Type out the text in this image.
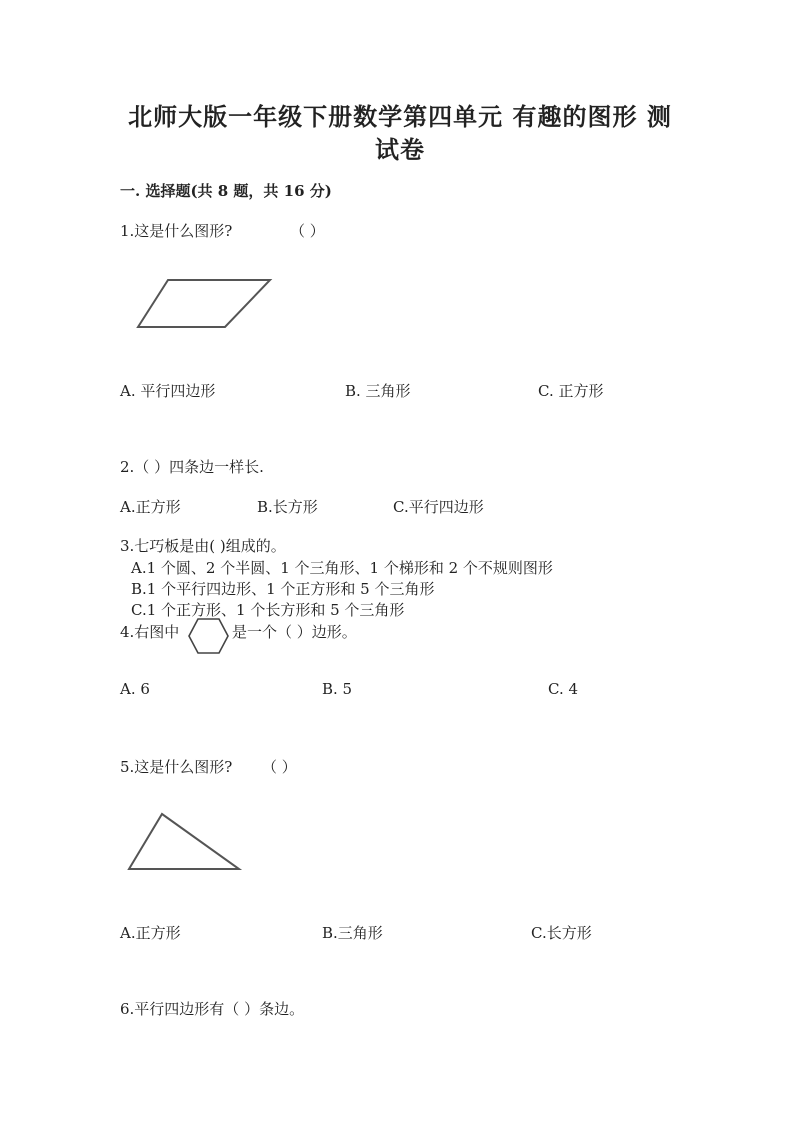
北师大版一年级下册数学第四单元 有趣的图形 测
试卷
一. 选择题(共 8 题，共 16 分)
1.这是什么图形?	（ ）
A. 平行四边形	B. 三角形	C. 正方形
2.（ ）四条边一样长.
A.正方形	B.长方形	C.平行四边形
3.七巧板是由( )组成的。
A.1 个圆、2 个半圆、1 个三角形、1 个梯形和 2 个不规则图形
B.1 个平行四边形、1 个正方形和 5 个三角形
C.1 个正方形、1 个长方形和 5 个三角形
4.右图中	是一个（ ）边形。
A. 6	B. 5	C. 4
5.这是什么图形? （ ）
A.正方形	B.三角形	C.长方形
6.平行四边形有（ ）条边。
